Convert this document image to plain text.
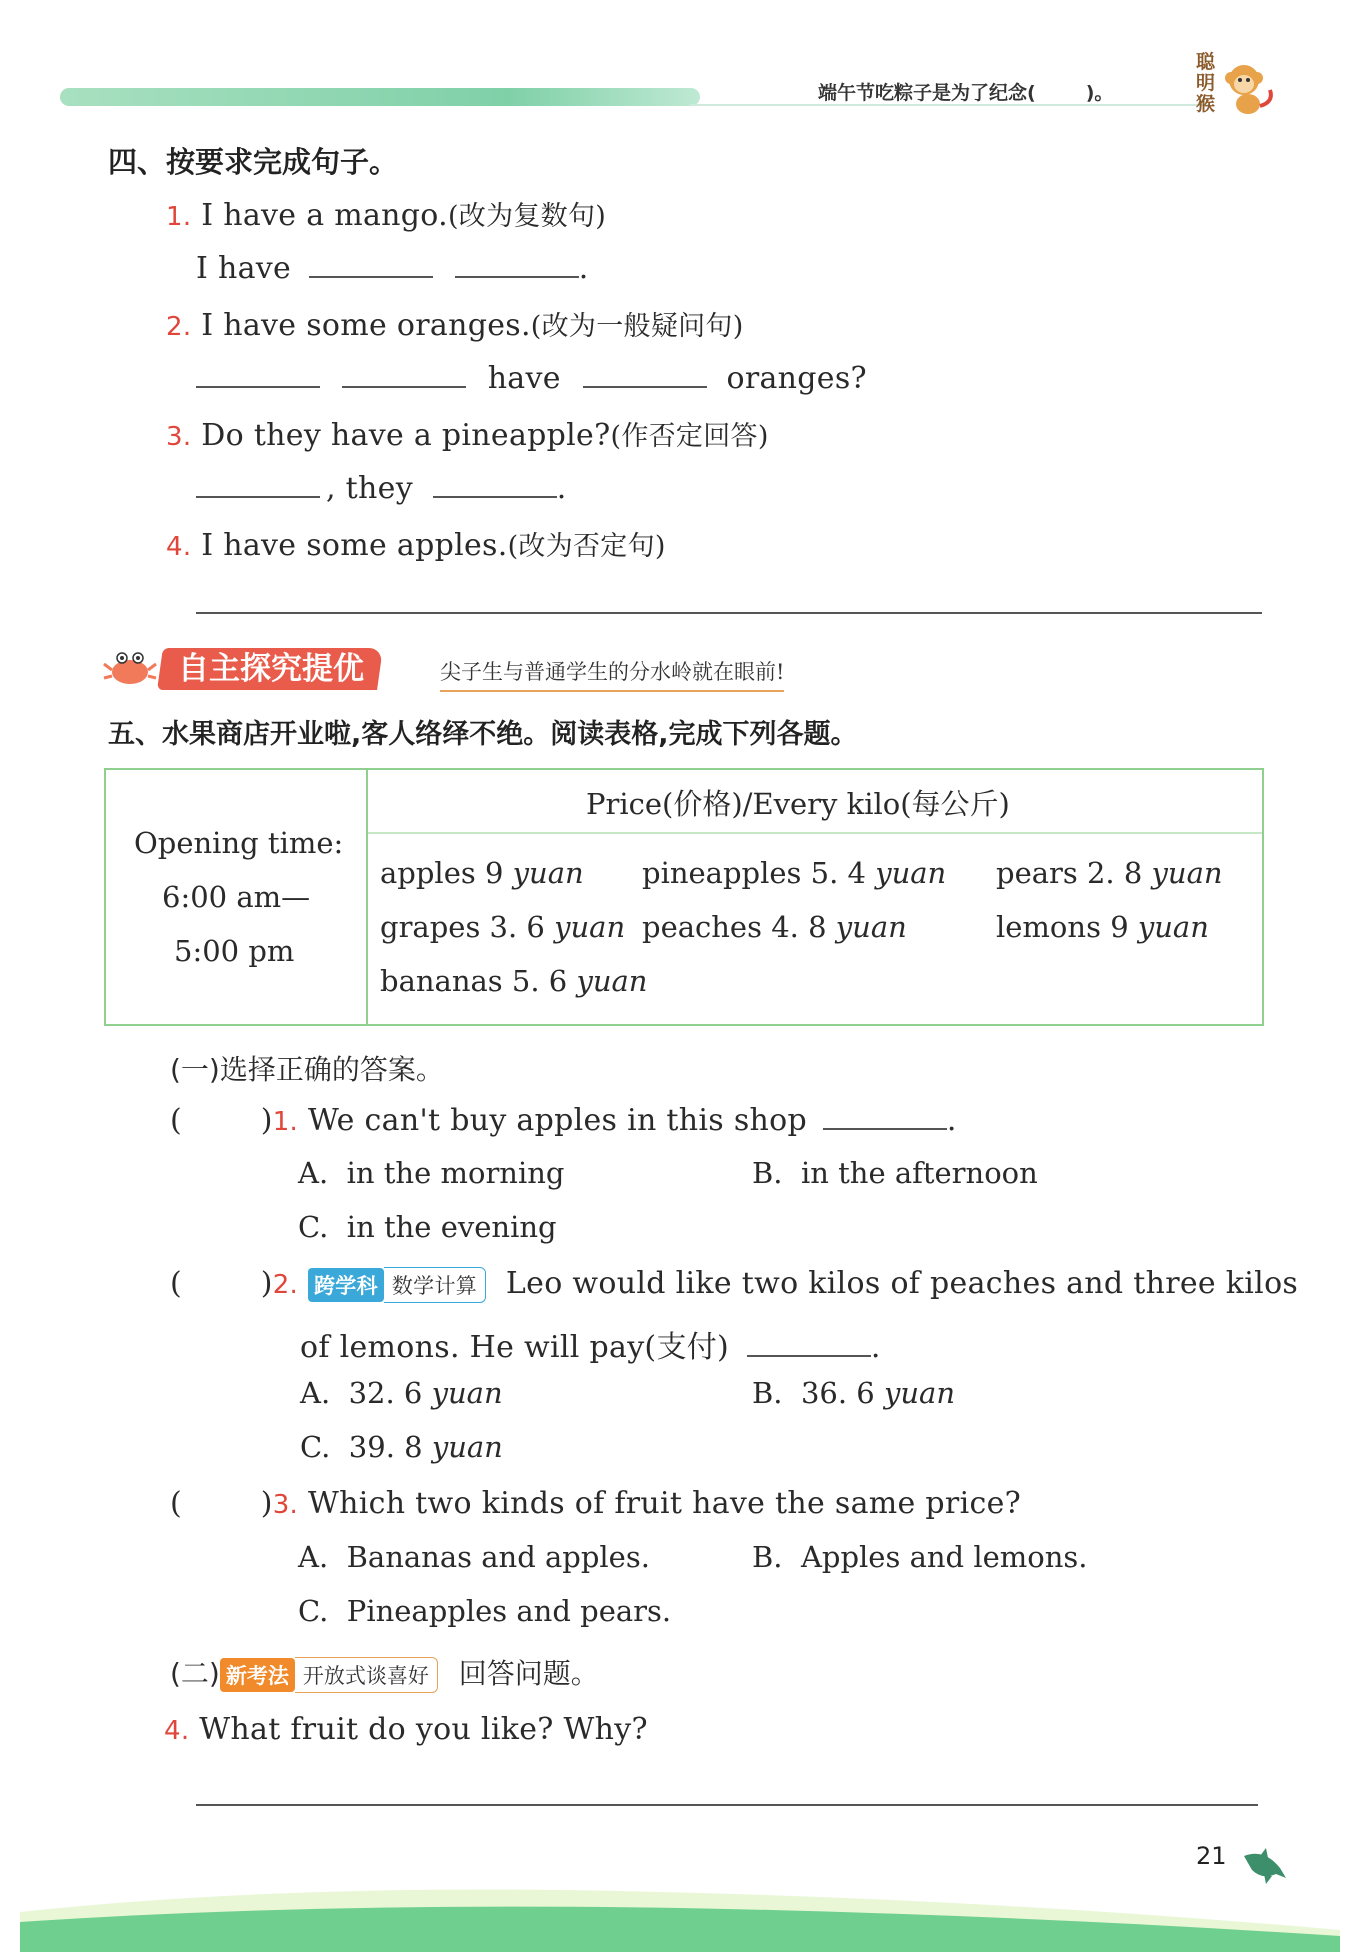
端午节吃粽子是为了纪念(	)。
聪明猴
四、按要求完成句子。
1. I have a mango.(改为复数句)
I have	.
2. I have some oranges.(改为一般疑问句)
have	oranges?
3. Do they have a pineapple?(作否定回答)
, they	.
4. I have some apples.(改为否定句)
自主探究提优	尖子生与普通学生的分水岭就在眼前!
五、水果商店开业啦,客人络绎不绝。阅读表格,完成下列各题。
Opening time:
6:00 am—
5:00 pm
Price(价格)/Every kilo(每公斤)
apples 9 yuan pineapples 5. 4 yuan pears 2. 8 yuan
grapes 3. 6 yuan peaches 4. 8 yuan	lemons 9 yuan
bananas 5. 6 yuan
(一)选择正确的答案。
(        )1. We can't buy apples in this shop	.
A.  in the morning	B.  in the afternoon
C.  in the evening
(        )2. 跨学科 数学计算 Leo would like two kilos of peaches and three kilos
of lemons. He will pay(支付)	.
A.  32. 6 yuan	B.  36. 6 yuan
C.  39. 8 yuan
(        )3. Which two kinds of fruit have the same price?
A.  Bananas and apples.	B.  Apples and lemons.
C.  Pineapples and pears.
(二) 新考法 开放式谈喜好 回答问题。
4. What fruit do you like? Why?
21
